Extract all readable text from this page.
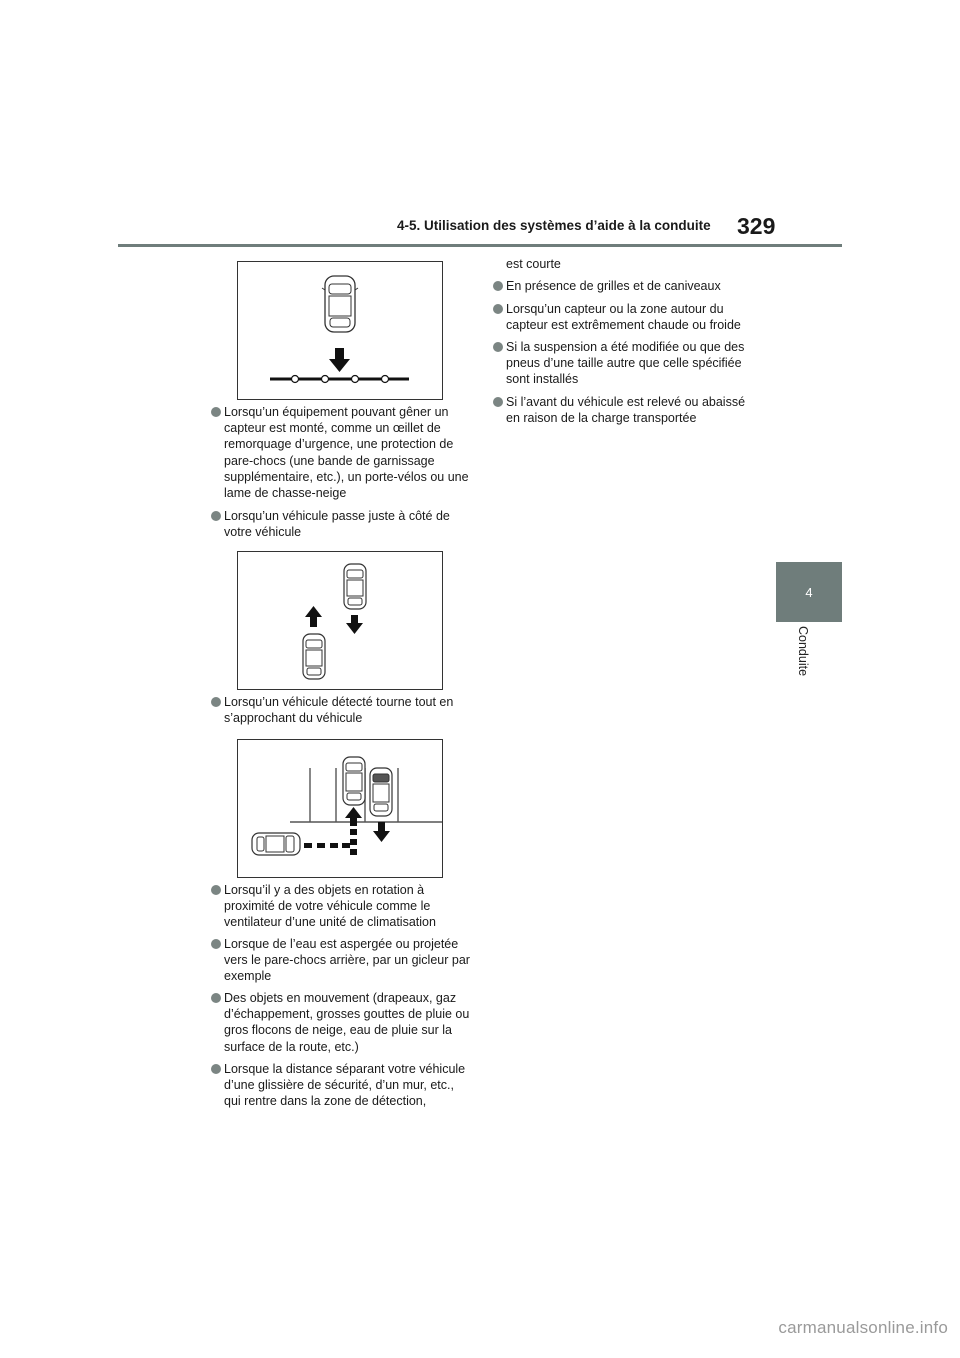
4-5. Utilisation des systèmes d’aide à la conduite 329
4
Conduite
Lorsqu’un équipement pouvant gêner un capteur est monté, comme un œillet de remorquage d’urgence, une protection de pare-chocs (une bande de garnissage supplémentaire, etc.), un porte-vélos ou une lame de chasse-neige
Lorsqu’un véhicule passe juste à côté de votre véhicule
Lorsqu’un véhicule détecté tourne tout en s’approchant du véhicule
Lorsqu’il y a des objets en rotation à proximité de votre véhicule comme le ventilateur d’une unité de climatisation
Lorsque de l’eau est aspergée ou projetée vers le pare-chocs arrière, par un gicleur par exemple
Des objets en mouvement (drapeaux, gaz d’échappement, grosses gouttes de pluie ou gros flocons de neige, eau de pluie sur la surface de la route, etc.)
Lorsque la distance séparant votre véhicule d’une glissière de sécurité, d’un mur, etc., qui rentre dans la zone de détection,
est courte
En présence de grilles et de caniveaux
Lorsqu’un capteur ou la zone autour du capteur est extrêmement chaude ou froide
Si la suspension a été modifiée ou que des pneus d’une taille autre que celle spécifiée sont installés
Si l’avant du véhicule est relevé ou abaissé en raison de la charge transportée
carmanualsonline.info
